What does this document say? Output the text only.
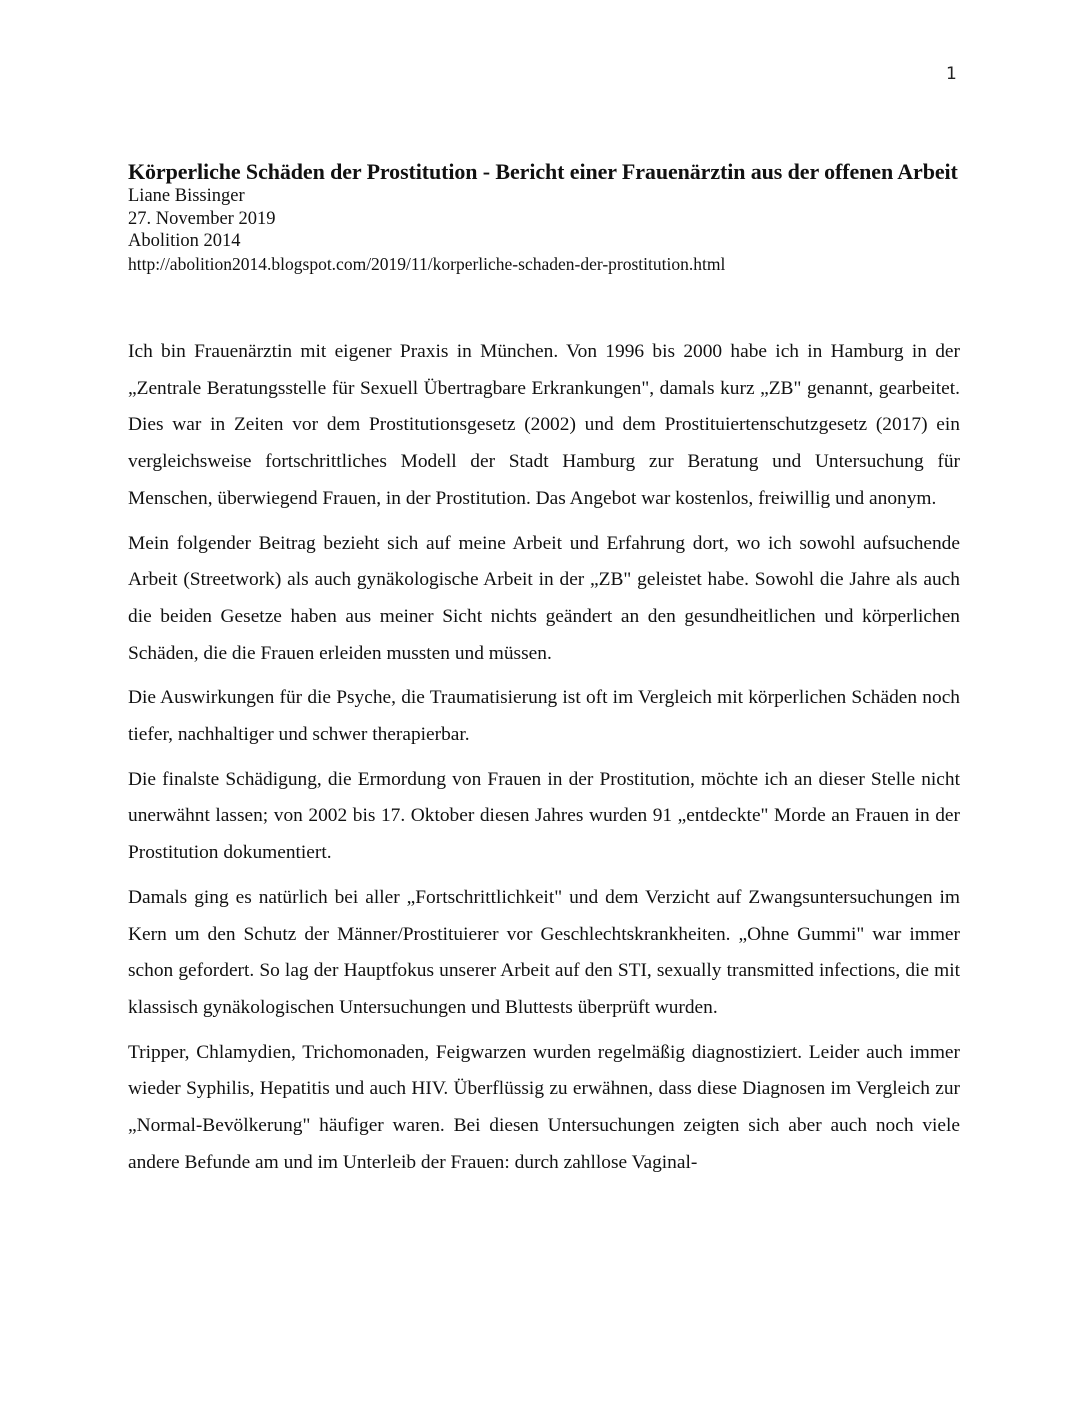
1
Körperliche Schäden der Prostitution - Bericht einer Frauenärztin aus der offenen Arbeit
Liane Bissinger
27. November 2019
Abolition 2014
http://abolition2014.blogspot.com/2019/11/korperliche-schaden-der-prostitution.html

Ich bin Frauenärztin mit eigener Praxis in München. Von 1996 bis 2000 habe ich in Hamburg in der „Zentrale Beratungsstelle für Sexuell Übertragbare Erkrankungen", damals kurz „ZB" genannt, gearbeitet. Dies war in Zeiten vor dem Prostitutionsgesetz (2002) und dem Prostituiertenschutzgesetz (2017) ein vergleichsweise fortschrittliches Modell der Stadt Hamburg zur Beratung und Untersuchung für Menschen, überwiegend Frauen, in der Prostitution. Das Angebot war kostenlos, freiwillig und anonym.

Mein folgender Beitrag bezieht sich auf meine Arbeit und Erfahrung dort, wo ich sowohl aufsuchende Arbeit (Streetwork) als auch gynäkologische Arbeit in der „ZB" geleistet habe. Sowohl die Jahre als auch die beiden Gesetze haben aus meiner Sicht nichts geändert an den gesundheitlichen und körperlichen Schäden, die die Frauen erleiden mussten und müssen.

Die Auswirkungen für die Psyche, die Traumatisierung ist oft im Vergleich mit körperlichen Schäden noch tiefer, nachhaltiger und schwer therapierbar.

Die finalste Schädigung, die Ermordung von Frauen in der Prostitution, möchte ich an dieser Stelle nicht unerwähnt lassen; von 2002 bis 17. Oktober diesen Jahres wurden 91 „entdeckte" Morde an Frauen in der Prostitution dokumentiert.

Damals ging es natürlich bei aller „Fortschrittlichkeit" und dem Verzicht auf Zwangsuntersuchungen im Kern um den Schutz der Männer/Prostituierer vor Geschlechtskrankheiten. „Ohne Gummi" war immer schon gefordert. So lag der Hauptfokus unserer Arbeit auf den STI, sexually transmitted infections, die mit klassisch gynäkologischen Untersuchungen und Bluttests überprüft wurden.

Tripper, Chlamydien, Trichomonaden, Feigwarzen wurden regelmäßig diagnostiziert. Leider auch immer wieder Syphilis, Hepatitis und auch HIV. Überflüssig zu erwähnen, dass diese Diagnosen im Vergleich zur „Normal-Bevölkerung" häufiger waren. Bei diesen Untersuchungen zeigten sich aber auch noch viele andere Befunde am und im Unterleib der Frauen: durch zahllose Vaginal-
